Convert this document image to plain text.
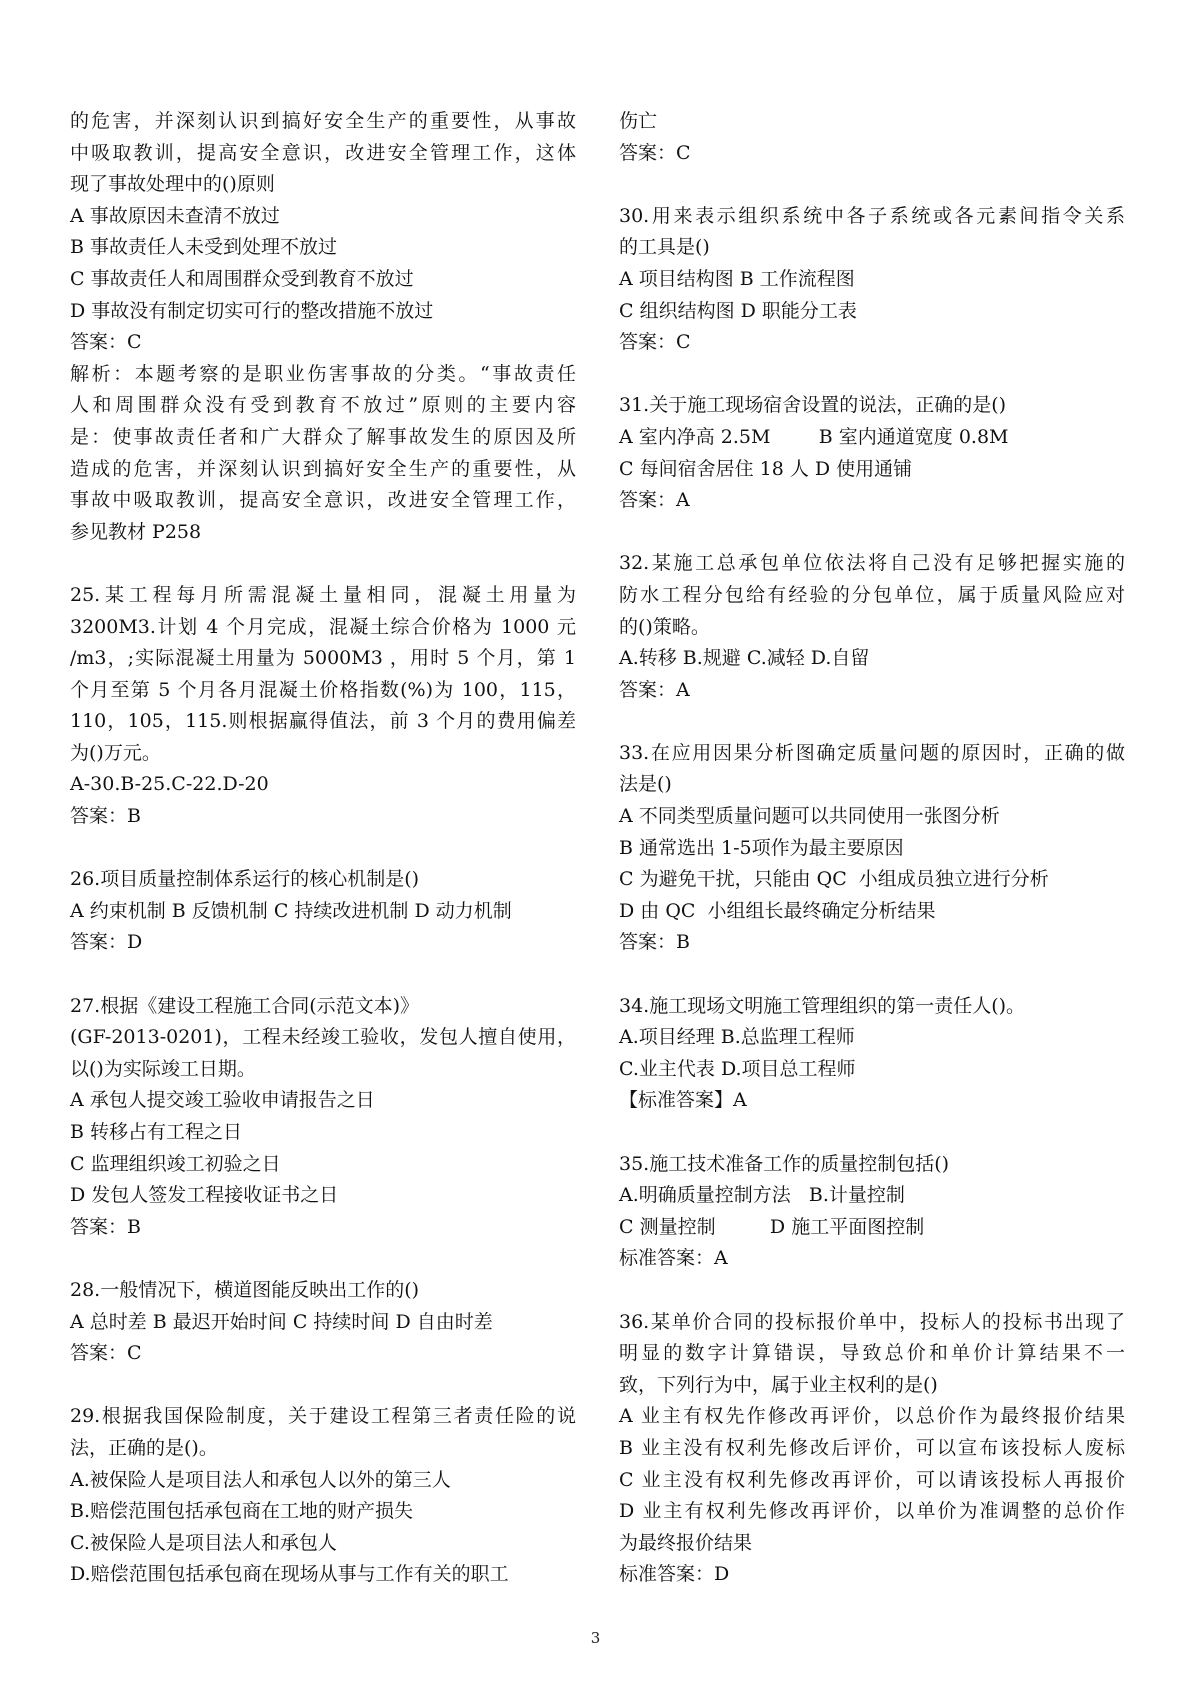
的危害，并深刻认识到搞好安全生产的重要性，从事故

中吸取教训，提高安全意识，改进安全管理工作，这体

现了事故处理中的()原则

A 事故原因未查清不放过

B 事故责任人未受到处理不放过

C 事故责任人和周围群众受到教育不放过

D 事故没有制定切实可行的整改措施不放过

答案：C

解析：本题考察的是职业伤害事故的分类。“事故责任

人和周围群众没有受到教育不放过”原则的主要内容

是：使事故责任者和广大群众了解事故发生的原因及所

造成的危害，并深刻认识到搞好安全生产的重要性，从

事故中吸取教训，提高安全意识，改进安全管理工作，

参见教材 P258

25.某工程每月所需混凝土量相同，混凝土用量为

3200M3.计划 4 个月完成，混凝土综合价格为 1000 元

/m3，;实际混凝土用量为 5000M3 ，用时 5 个月，第 1

个月至第 5 个月各月混凝土价格指数(%)为 100，115，

110，105，115.则根据赢得值法，前 3 个月的费用偏差

为()万元。

A-30.B-25.C-22.D-20

答案：B

26.项目质量控制体系运行的核心机制是()

A 约束机制 B 反馈机制 C 持续改进机制 D 动力机制

答案：D

27.根据《建设工程施工合同(示范文本)》

(GF-2013-0201)，工程未经竣工验收，发包人擅自使用，

以()为实际竣工日期。

A 承包人提交竣工验收申请报告之日

B 转移占有工程之日

C 监理组织竣工初验之日

D 发包人签发工程接收证书之日

答案：B

28.一般情况下，横道图能反映出工作的()

A 总时差 B 最迟开始时间 C 持续时间 D 自由时差

答案：C

29.根据我国保险制度，关于建设工程第三者责任险的说

法，正确的是()。

A.被保险人是项目法人和承包人以外的第三人

B.赔偿范围包括承包商在工地的财产损失

C.被保险人是项目法人和承包人

D.赔偿范围包括承包商在现场从事与工作有关的职工

伤亡

答案：C

30.用来表示组织系统中各子系统或各元素间指令关系

的工具是()

A 项目结构图 B 工作流程图

C 组织结构图 D 职能分工表

答案：C

31.关于施工现场宿舍设置的说法，正确的是()

A 室内净高 2.5M        B 室内通道宽度 0.8M

C 每间宿舍居住 18 人 D 使用通铺

答案：A

32.某施工总承包单位依法将自己没有足够把握实施的

防水工程分包给有经验的分包单位，属于质量风险应对

的()策略。

A.转移 B.规避 C.减轻 D.自留

答案：A

33.在应用因果分析图确定质量问题的原因时，正确的做

法是()

A 不同类型质量问题可以共同使用一张图分析

B 通常选出 1-5项作为最主要原因

C 为避免干扰，只能由 QC  小组成员独立进行分析

D 由 QC  小组组长最终确定分析结果

答案：B

34.施工现场文明施工管理组织的第一责任人()。

A.项目经理 B.总监理工程师

C.业主代表 D.项目总工程师

【标准答案】A

35.施工技术准备工作的质量控制包括()

A.明确质量控制方法   B.计量控制

C 测量控制         D 施工平面图控制

标准答案：A

36.某单价合同的投标报价单中，投标人的投标书出现了

明显的数字计算错误，导致总价和单价计算结果不一

致，下列行为中，属于业主权利的是()

A 业主有权先作修改再评价，以总价作为最终报价结果

B 业主没有权利先修改后评价，可以宣布该投标人废标

C 业主没有权利先修改再评价，可以请该投标人再报价

D 业主有权利先修改再评价，以单价为准调整的总价作

为最终报价结果

标准答案：D

3
